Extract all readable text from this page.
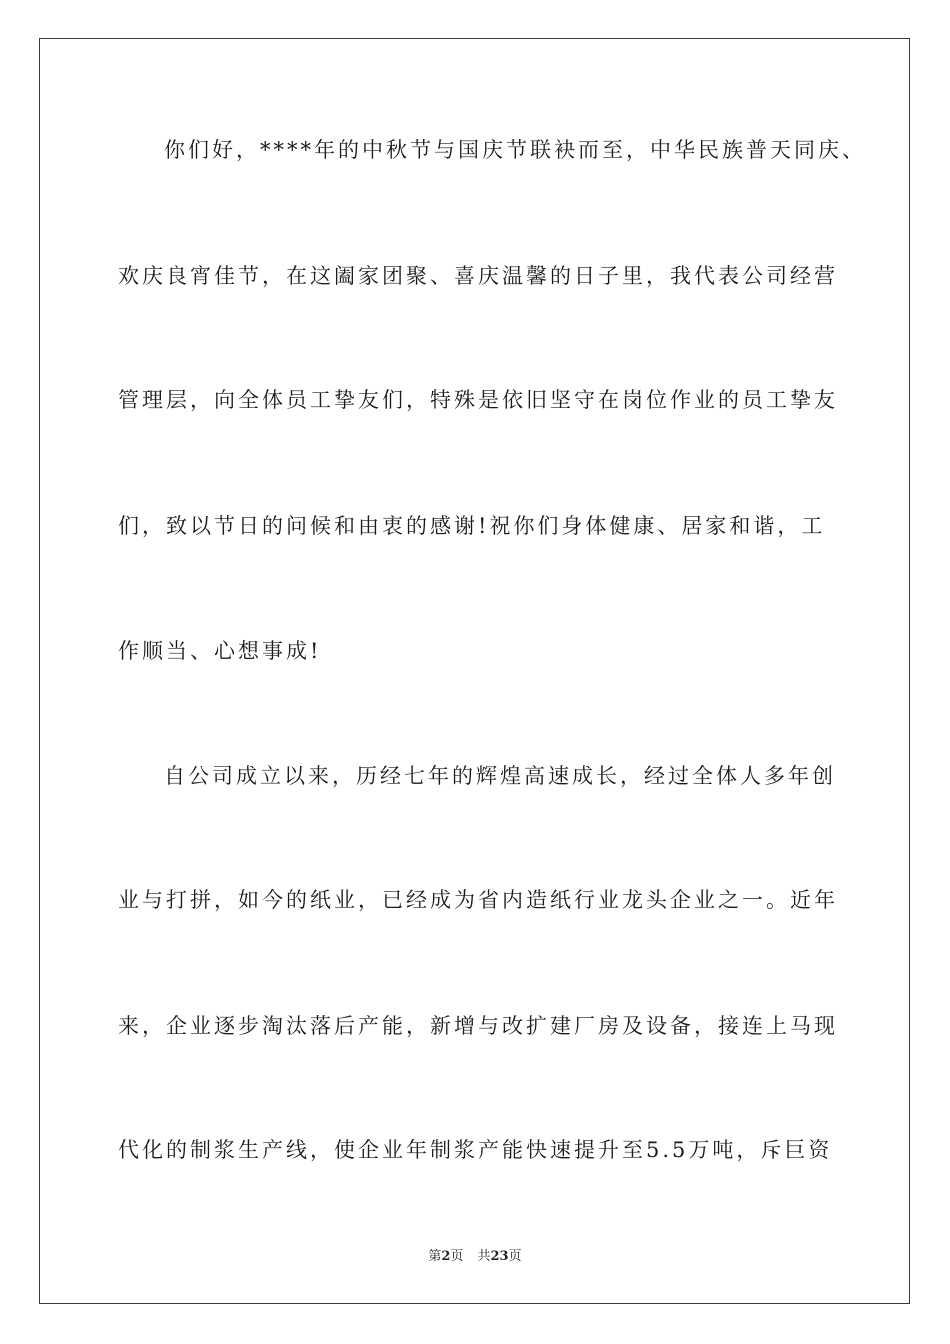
你们好，****年的中秋节与国庆节联袂而至，中华民族普天同庆、
欢庆良宵佳节，在这阖家团聚、喜庆温馨的日子里，我代表公司经营
管理层，向全体员工挚友们，特殊是依旧坚守在岗位作业的员工挚友
们，致以节日的问候和由衷的感谢!祝你们身体健康、居家和谐，工
作顺当、心想事成!
自公司成立以来，历经七年的辉煌高速成长，经过全体人多年创
业与打拼，如今的纸业，已经成为省内造纸行业龙头企业之一。近年
来，企业逐步淘汰落后产能，新增与改扩建厂房及设备，接连上马现
代化的制浆生产线，使企业年制浆产能快速提升至5.5万吨，斥巨资
第2页 共23页
